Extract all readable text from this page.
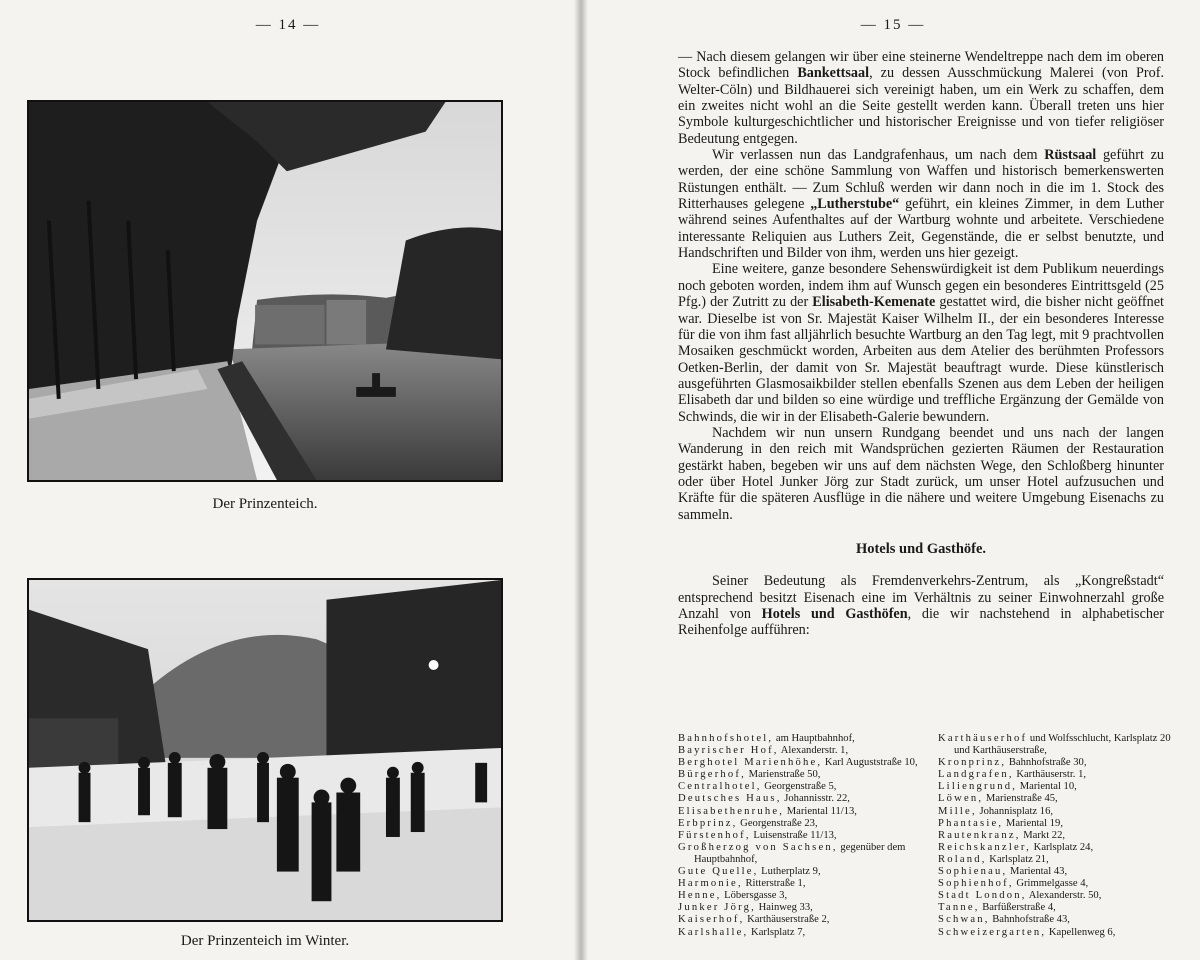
— 14 —
Der Prinzenteich.
Der Prinzenteich im Winter.
— 15 —

— Nach diesem gelangen wir über eine steinerne Wendeltreppe nach dem im oberen Stock befindlichen Bankettsaal, zu dessen Ausschmückung Malerei (von Prof. Welter-Cöln) und Bildhauerei sich vereinigt haben, um ein Werk zu schaffen, dem ein zweites nicht wohl an die Seite gestellt werden kann. Überall treten uns hier Symbole kulturgeschichtlicher und historischer Ereignisse und von tiefer religiöser Bedeutung entgegen.

Wir verlassen nun das Landgrafenhaus, um nach dem Rüstsaal geführt zu werden, der eine schöne Sammlung von Waffen und historisch bemerkenswerten Rüstungen enthält. — Zum Schluß werden wir dann noch in die im 1. Stock des Ritterhauses gelegene „Lutherstube“ geführt, ein kleines Zimmer, in dem Luther während seines Aufenthaltes auf der Wartburg wohnte und arbeitete. Verschiedene interessante Reliquien aus Luthers Zeit, Gegenstände, die er selbst benutzte, und Handschriften und Bilder von ihm, werden uns hier gezeigt.

Eine weitere, ganze besondere Sehenswürdigkeit ist dem Publikum neuerdings noch geboten worden, indem ihm auf Wunsch gegen ein besonderes Eintrittsgeld (25 Pfg.) der Zutritt zu der Elisabeth-Kemenate gestattet wird, die bisher nicht geöffnet war. Dieselbe ist von Sr. Majestät Kaiser Wilhelm II., der ein besonderes Interesse für die von ihm fast alljährlich besuchte Wartburg an den Tag legt, mit 9 prachtvollen Mosaiken geschmückt worden, Arbeiten aus dem Atelier des berühmten Professors Oetken-Berlin, der damit von Sr. Majestät beauftragt wurde. Diese künstlerisch ausgeführten Glasmosaikbilder stellen ebenfalls Szenen aus dem Leben der heiligen Elisabeth dar und bilden so eine würdige und treffliche Ergänzung der Gemälde von Schwinds, die wir in der Elisabeth-Galerie bewundern.

Nachdem wir nun unsern Rundgang beendet und uns nach der langen Wanderung in den reich mit Wandsprüchen gezierten Räumen der Restauration gestärkt haben, begeben wir uns auf dem nächsten Wege, den Schloßberg hinunter oder über Hotel Junker Jörg zur Stadt zurück, um unser Hotel aufzusuchen und Kräfte für die späteren Ausflüge in die nähere und weitere Umgebung Eisenachs zu sammeln.

Hotels und Gasthöfe.

Seiner Bedeutung als Fremdenverkehrs-Zentrum, als „Kongreßstadt“ entsprechend besitzt Eisenach eine im Verhältnis zu seiner Einwohnerzahl große Anzahl von Hotels und Gasthöfen, die wir nachstehend in alphabetischer Reihenfolge aufführen:

Bahnhofshotel, am Hauptbahnhof,
Bayrischer Hof, Alexanderstr. 1,
Berghotel Marienhöhe, Karl Auguststraße 10,
Bürgerhof, Marienstraße 50,
Centralhotel, Georgenstraße 5,
Deutsches Haus, Johannisstr. 22,
Elisabethenruhe, Mariental 11/13,
Erbprinz, Georgenstraße 23,
Fürstenhof, Luisenstraße 11/13,
Großherzog von Sachsen, gegenüber dem Hauptbahnhof,
Gute Quelle, Lutherplatz 9,
Harmonie, Ritterstraße 1,
Henne, Löbersgasse 3,
Junker Jörg, Hainweg 33,
Kaiserhof, Karthäuserstraße 2,
Karlshalle, Karlsplatz 7,
Karthäuserhof und Wolfsschlucht, Karlsplatz 20 und Karthäuserstraße,
Kronprinz, Bahnhofstraße 30,
Landgrafen, Karthäuserstr. 1,
Liliengrund, Mariental 10,
Löwen, Marienstraße 45,
Mille, Johannisplatz 16,
Phantasie, Mariental 19,
Rautenkranz, Markt 22,
Reichskanzler, Karlsplatz 24,
Roland, Karlsplatz 21,
Sophienau, Mariental 43,
Sophienhof, Grimmelgasse 4,
Stadt London, Alexanderstr. 50,
Tanne, Barfüßerstraße 4,
Schwan, Bahnhofstraße 43,
Schweizergarten, Kapellenweg 6,
